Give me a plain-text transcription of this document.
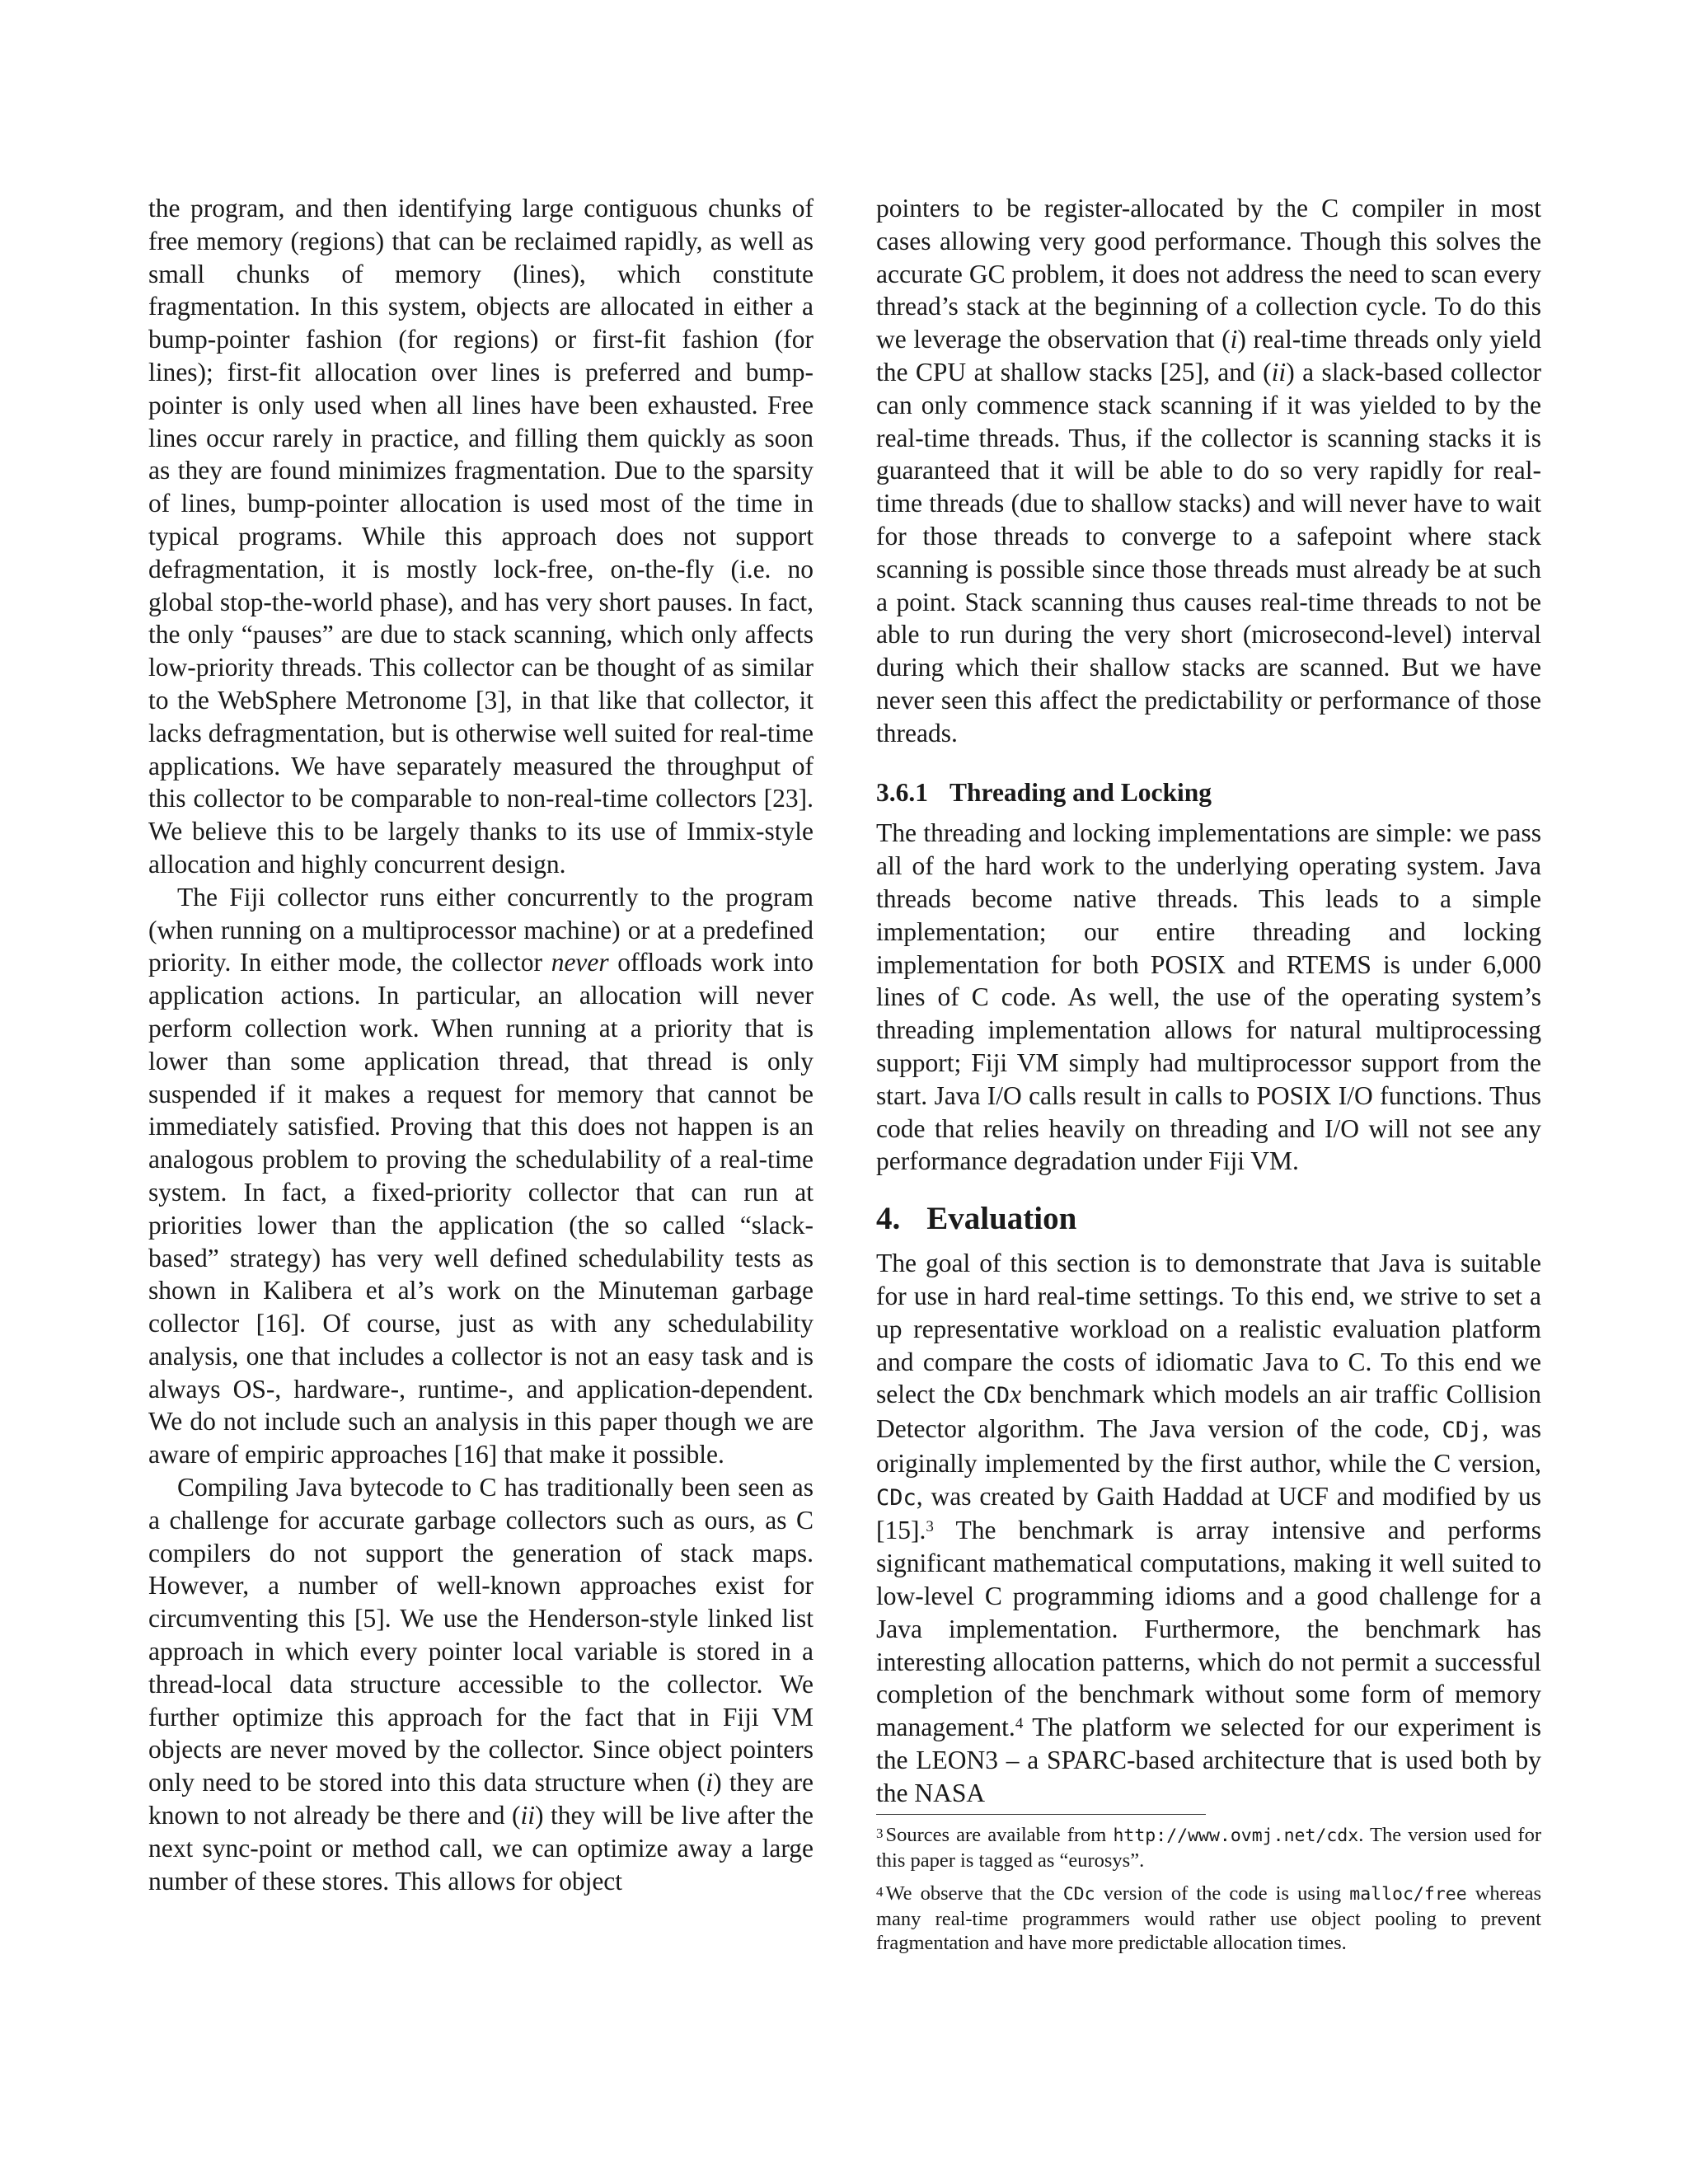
the program, and then identifying large contiguous chunks of free memory (regions) that can be reclaimed rapidly, as well as small chunks of memory (lines), which constitute fragmentation. In this system, objects are allocated in either a bump-pointer fashion (for regions) or first-fit fashion (for lines); first-fit allocation over lines is preferred and bump-pointer is only used when all lines have been exhausted. Free lines occur rarely in practice, and filling them quickly as soon as they are found minimizes fragmentation. Due to the sparsity of lines, bump-pointer allocation is used most of the time in typical programs. While this approach does not support defragmentation, it is mostly lock-free, on-the-fly (i.e. no global stop-the-world phase), and has very short pauses. In fact, the only “pauses” are due to stack scanning, which only affects low-priority threads. This collector can be thought of as similar to the WebSphere Metronome [3], in that like that collector, it lacks defragmentation, but is otherwise well suited for real-time applications. We have separately measured the throughput of this collector to be comparable to non-real-time collectors [23]. We believe this to be largely thanks to its use of Immix-style allocation and highly concurrent design.

The Fiji collector runs either concurrently to the program (when running on a multiprocessor machine) or at a predefined priority. In either mode, the collector never offloads work into application actions. In particular, an allocation will never perform collection work. When running at a priority that is lower than some application thread, that thread is only suspended if it makes a request for memory that cannot be immediately satisfied. Proving that this does not happen is an analogous problem to proving the schedulability of a real-time system. In fact, a fixed-priority collector that can run at priorities lower than the application (the so called “slack-based” strategy) has very well defined schedulability tests as shown in Kalibera et al’s work on the Minuteman garbage collector [16]. Of course, just as with any schedulability analysis, one that includes a collector is not an easy task and is always OS-, hardware-, runtime-, and application-dependent. We do not include such an analysis in this paper though we are aware of empiric approaches [16] that make it possible.

Compiling Java bytecode to C has traditionally been seen as a challenge for accurate garbage collectors such as ours, as C compilers do not support the generation of stack maps. However, a number of well-known approaches exist for circumventing this [5]. We use the Henderson-style linked list approach in which every pointer local variable is stored in a thread-local data structure accessible to the collector. We further optimize this approach for the fact that in Fiji VM objects are never moved by the collector. Since object pointers only need to be stored into this data structure when (i) they are known to not already be there and (ii) they will be live after the next sync-point or method call, we can optimize away a large number of these stores. This allows for object

pointers to be register-allocated by the C compiler in most cases allowing very good performance. Though this solves the accurate GC problem, it does not address the need to scan every thread’s stack at the beginning of a collection cycle. To do this we leverage the observation that (i) real-time threads only yield the CPU at shallow stacks [25], and (ii) a slack-based collector can only commence stack scanning if it was yielded to by the real-time threads. Thus, if the collector is scanning stacks it is guaranteed that it will be able to do so very rapidly for real-time threads (due to shallow stacks) and will never have to wait for those threads to converge to a safepoint where stack scanning is possible since those threads must already be at such a point. Stack scanning thus causes real-time threads to not be able to run during the very short (microsecond-level) interval during which their shallow stacks are scanned. But we have never seen this affect the predictability or performance of those threads.

3.6.1 Threading and Locking

The threading and locking implementations are simple: we pass all of the hard work to the underlying operating system. Java threads become native threads. This leads to a simple implementation; our entire threading and locking implementation for both POSIX and RTEMS is under 6,000 lines of C code. As well, the use of the operating system’s threading implementation allows for natural multiprocessing support; Fiji VM simply had multiprocessor support from the start. Java I/O calls result in calls to POSIX I/O functions. Thus code that relies heavily on threading and I/O will not see any performance degradation under Fiji VM.

4. Evaluation

The goal of this section is to demonstrate that Java is suitable for use in hard real-time settings. To this end, we strive to set a up representative workload on a realistic evaluation platform and compare the costs of idiomatic Java to C. To this end we select the CDx benchmark which models an air traffic Collision Detector algorithm. The Java version of the code, CDj, was originally implemented by the first author, while the C version, CDc, was created by Gaith Haddad at UCF and modified by us [15].$^3$ The benchmark is array intensive and performs significant mathematical computations, making it well suited to low-level C programming idioms and a good challenge for a Java implementation. Furthermore, the benchmark has interesting allocation patterns, which do not permit a successful completion of the benchmark without some form of memory management.$^4$ The platform we selected for our experiment is the LEON3 – a SPARC-based architecture that is used both by the NASA

$^3$ Sources are available from http://www.ovmj.net/cdx. The version used for this paper is tagged as “eurosys”.
$^4$ We observe that the CDc version of the code is using malloc/free whereas many real-time programmers would rather use object pooling to prevent fragmentation and have more predictable allocation times.
